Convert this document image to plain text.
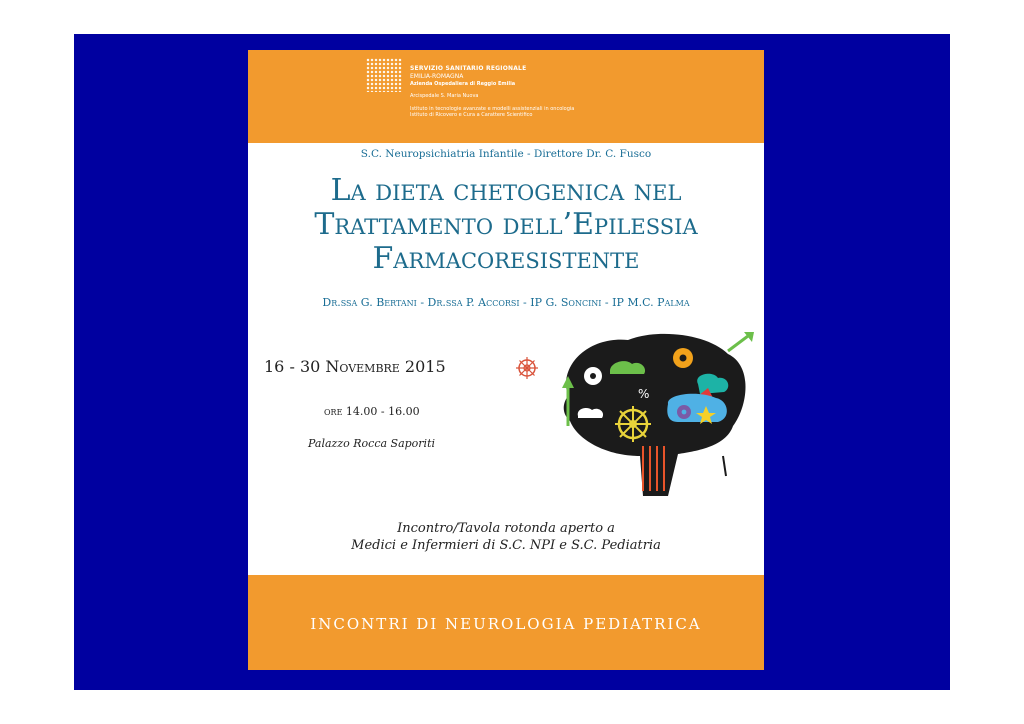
SERVIZIO SANITARIO REGIONALE
EMILIA-ROMAGNA
Azienda Ospedaliera di Reggio Emilia
Arcispedale S. Maria Nuova
Istituto in tecnologie avanzate e modelli assistenziali in oncologia
Istituto di Ricovero e Cura a Carattere Scientifico
S.C. Neuropsichiatria Infantile - Direttore Dr. C. Fusco
La dieta chetogenica nel
Trattamento dell’Epilessia
Farmacoresistente
Dr.ssa G. Bertani - Dr.ssa P. Accorsi - IP G. Soncini - IP M.C. Palma
16 - 30 Novembre 2015
ore 14.00 - 16.00
Palazzo Rocca Saporiti
%
Incontro/Tavola rotonda aperto a
Medici e Infermieri di S.C. NPI e S.C. Pediatria
INCONTRI DI NEUROLOGIA PEDIATRICA
